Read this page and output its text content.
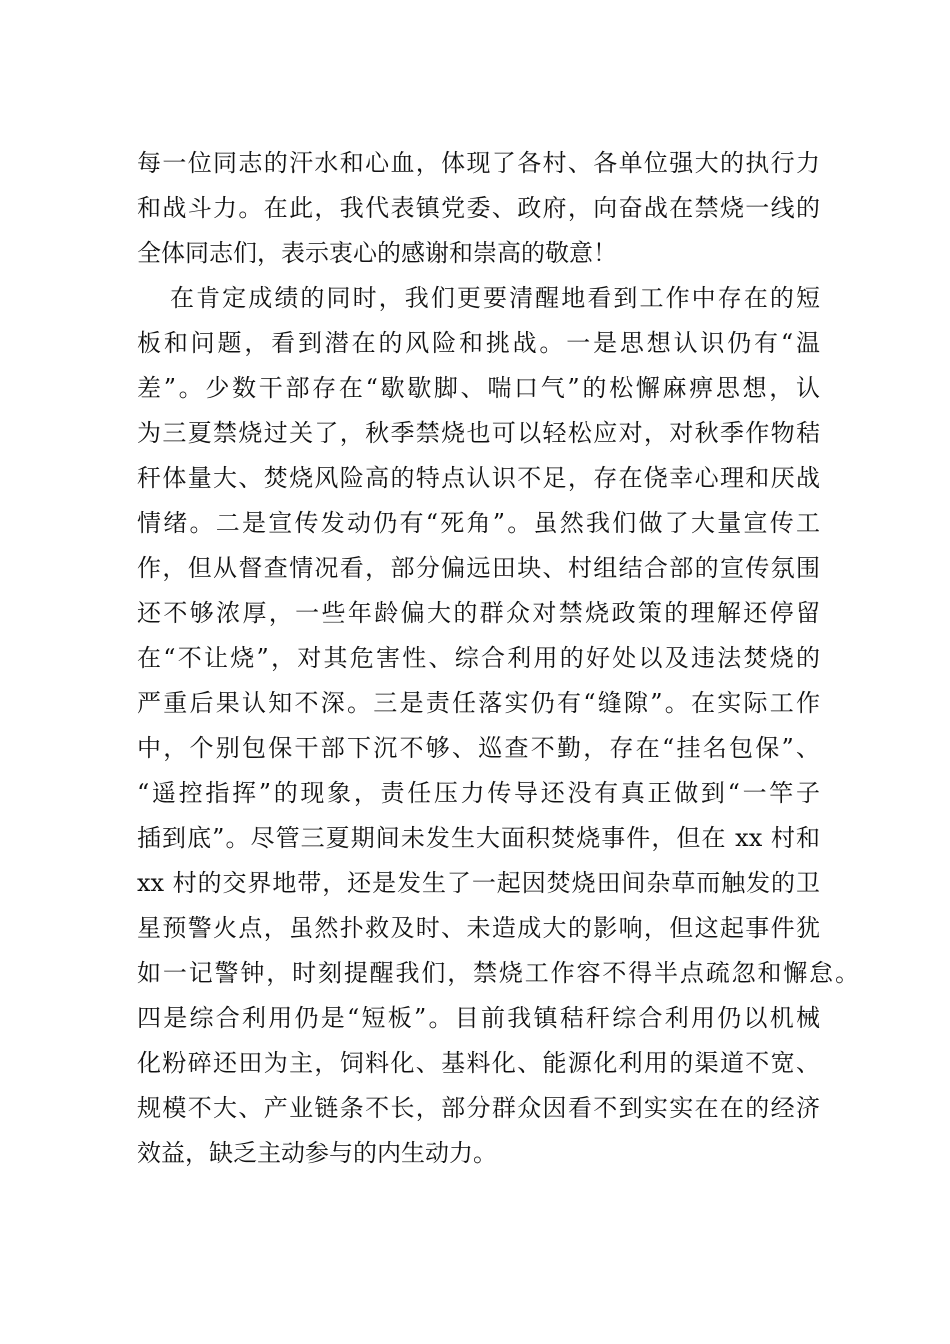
每一位同志的汗水和心血，体现了各村、各单位强大的执行力
和战斗力。在此，我代表镇党委、政府，向奋战在禁烧一线的
全体同志们，表示衷心的感谢和崇高的敬意！
在肯定成绩的同时，我们更要清醒地看到工作中存在的短
板和问题，看到潜在的风险和挑战。一是思想认识仍有“温
差”。少数干部存在“歇歇脚、喘口气”的松懈麻痹思想，认
为三夏禁烧过关了，秋季禁烧也可以轻松应对，对秋季作物秸
秆体量大、焚烧风险高的特点认识不足，存在侥幸心理和厌战
情绪。二是宣传发动仍有“死角”。虽然我们做了大量宣传工
作，但从督查情况看，部分偏远田块、村组结合部的宣传氛围
还不够浓厚，一些年龄偏大的群众对禁烧政策的理解还停留
在“不让烧”，对其危害性、综合利用的好处以及违法焚烧的
严重后果认知不深。三是责任落实仍有“缝隙”。在实际工作
中，个别包保干部下沉不够、巡查不勤，存在“挂名包保”、
“遥控指挥”的现象，责任压力传导还没有真正做到“一竿子
插到底”。尽管三夏期间未发生大面积焚烧事件，但在 xx 村和
xx 村的交界地带，还是发生了一起因焚烧田间杂草而触发的卫
星预警火点，虽然扑救及时、未造成大的影响，但这起事件犹
如一记警钟，时刻提醒我们，禁烧工作容不得半点疏忽和懈怠。
四是综合利用仍是“短板”。目前我镇秸秆综合利用仍以机械
化粉碎还田为主，饲料化、基料化、能源化利用的渠道不宽、
规模不大、产业链条不长，部分群众因看不到实实在在的经济
效益，缺乏主动参与的内生动力。
